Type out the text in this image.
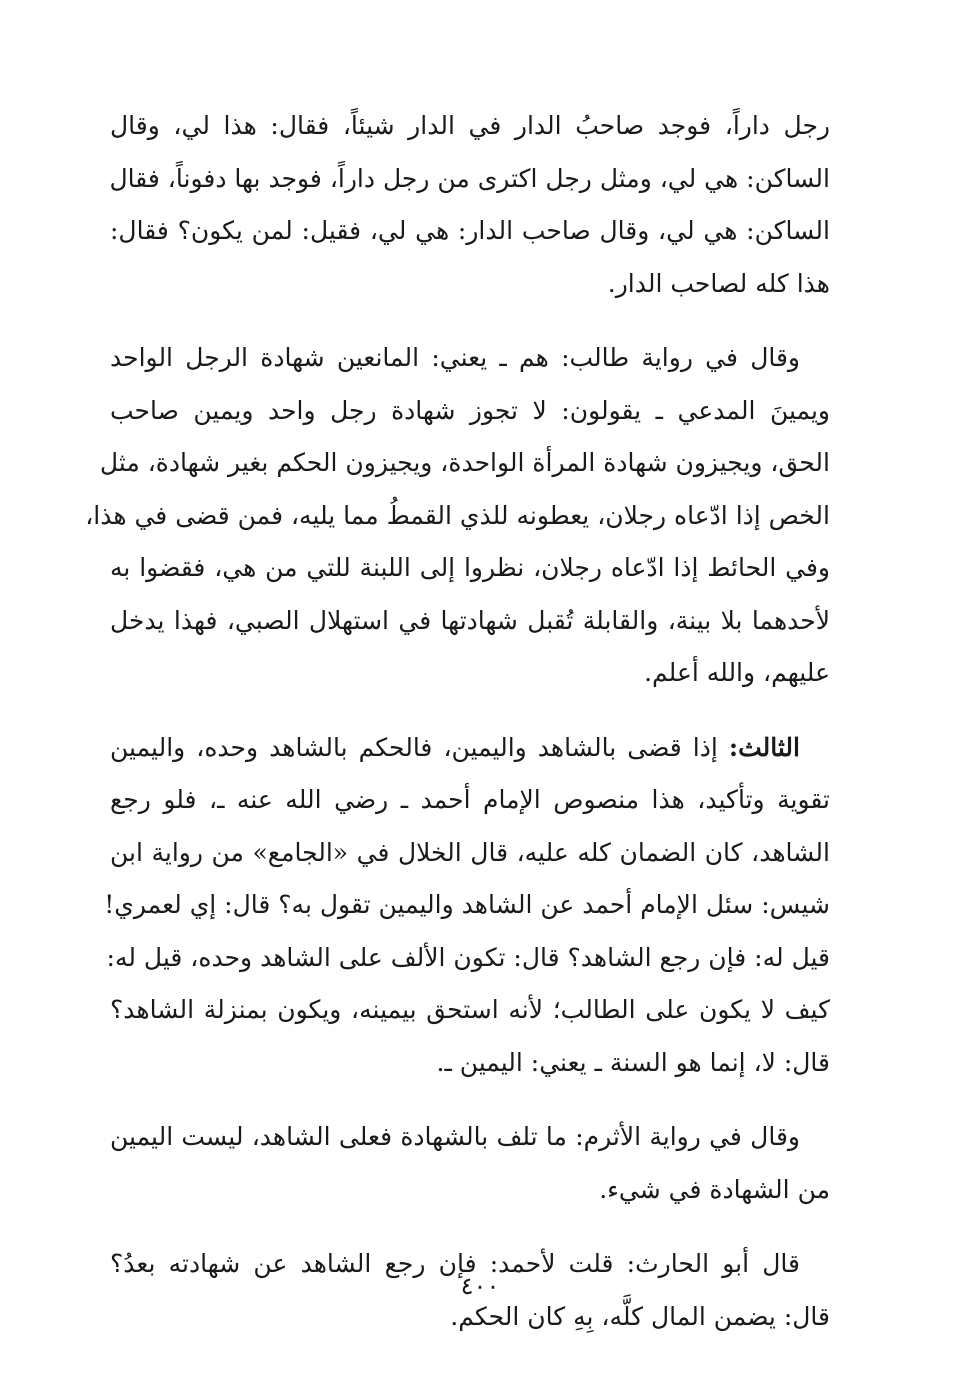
رجل داراً، فوجد صاحبُ الدار في الدار شيئاً، فقال: هذا لي، وقال
الساكن: هي لي، ومثل رجل اكترى من رجل داراً، فوجد بها دفوناً، فقال
الساكن: هي لي، وقال صاحب الدار: هي لي، فقيل: لمن يكون؟ فقال:
هذا كله لصاحب الدار.
وقال في رواية طالب: هم ـ يعني: المانعين شهادة الرجل الواحد
ويمينَ المدعي ـ يقولون: لا تجوز شهادة رجل واحد ويمين صاحب
الحق، ويجيزون شهادة المرأة الواحدة، ويجيزون الحكم بغير شهادة، مثل
الخص إذا ادّعاه رجلان، يعطونه للذي القمطُ مما يليه، فمن قضى في هذا،
وفي الحائط إذا ادّعاه رجلان، نظروا إلى اللبنة للتي من هي، فقضوا به
لأحدهما بلا بينة، والقابلة تُقبل شهادتها في استهلال الصبي، فهذا يدخل
عليهم، والله أعلم.
الثالث: إذا قضى بالشاهد واليمين، فالحكم بالشاهد وحده، واليمين
تقوية وتأكيد، هذا منصوص الإمام أحمد ـ رضي الله عنه ـ، فلو رجع
الشاهد، كان الضمان كله عليه، قال الخلال في «الجامع» من رواية ابن
شيس: سئل الإمام أحمد عن الشاهد واليمين تقول به؟ قال: إي لعمري!
قيل له: فإن رجع الشاهد؟ قال: تكون الألف على الشاهد وحده، قيل له:
كيف لا يكون على الطالب؛ لأنه استحق بيمينه، ويكون بمنزلة الشاهد؟
قال: لا، إنما هو السنة ـ يعني: اليمين ـ.
وقال في رواية الأثرم: ما تلف بالشهادة فعلى الشاهد، ليست اليمين
من الشهادة في شيء.
قال أبو الحارث: قلت لأحمد: فإن رجع الشاهد عن شهادته بعدُ؟
قال: يضمن المال كلَّه، بِهِ كان الحكم.
٤٠٠
